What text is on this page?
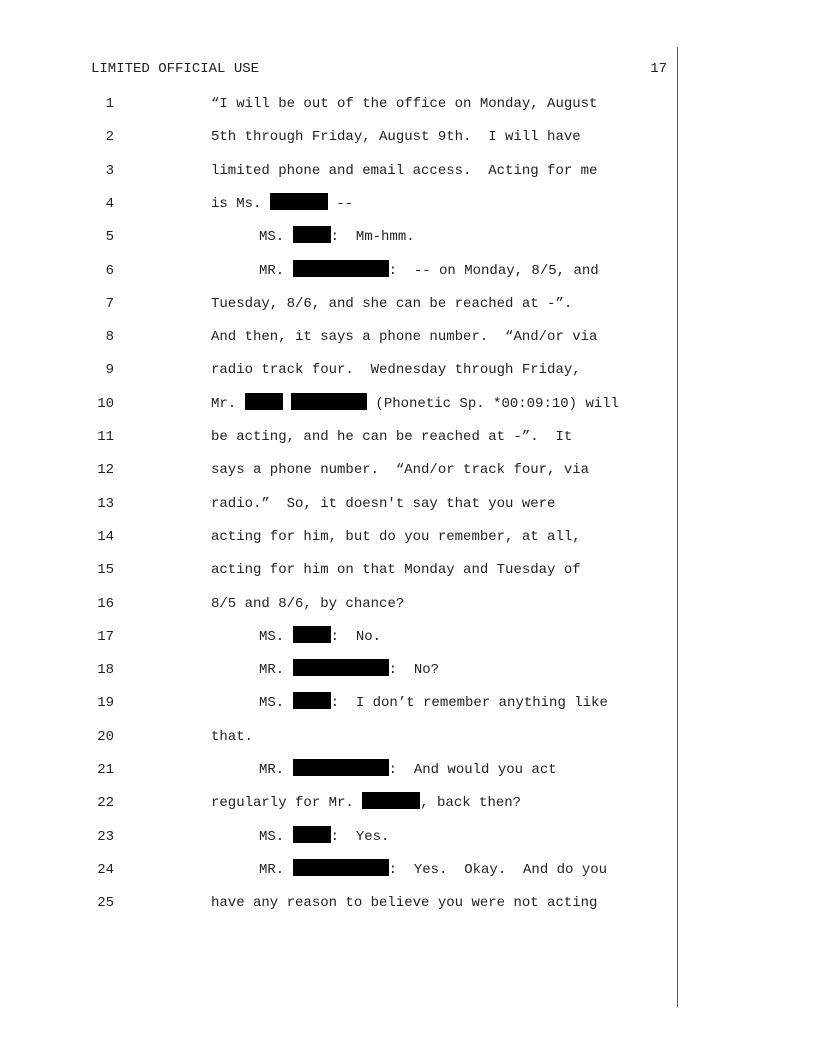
LIMITED OFFICIAL USE	17
1	“I will be out of the office on Monday, August
2	5th through Friday, August 9th.  I will have
3	limited phone and email access.  Acting for me
4	is Ms.	--
5	MS.	:  Mm-hmm.
6	MR.	:  -- on Monday, 8/5, and
7	Tuesday, 8/6, and she can be reached at -”.
8	And then, it says a phone number.  “And/or via
9	radio track four.  Wednesday through Friday,
10	Mr.	(Phonetic Sp. *00:09:10) will
11	be acting, and he can be reached at -”.  It
12	says a phone number.  “And/or track four, via
13	radio.”  So, it doesn't say that you were
14	acting for him, but do you remember, at all,
15	acting for him on that Monday and Tuesday of
16	8/5 and 8/6, by chance?
17	MS.	:  No.
18	MR.	:  No?
19	MS.	:  I don’t remember anything like
20	that.
21	MR.	:  And would you act
22	regularly for Mr.	, back then?
23	MS.	:  Yes.
24	MR.	:  Yes.  Okay.  And do you
25	have any reason to believe you were not acting
